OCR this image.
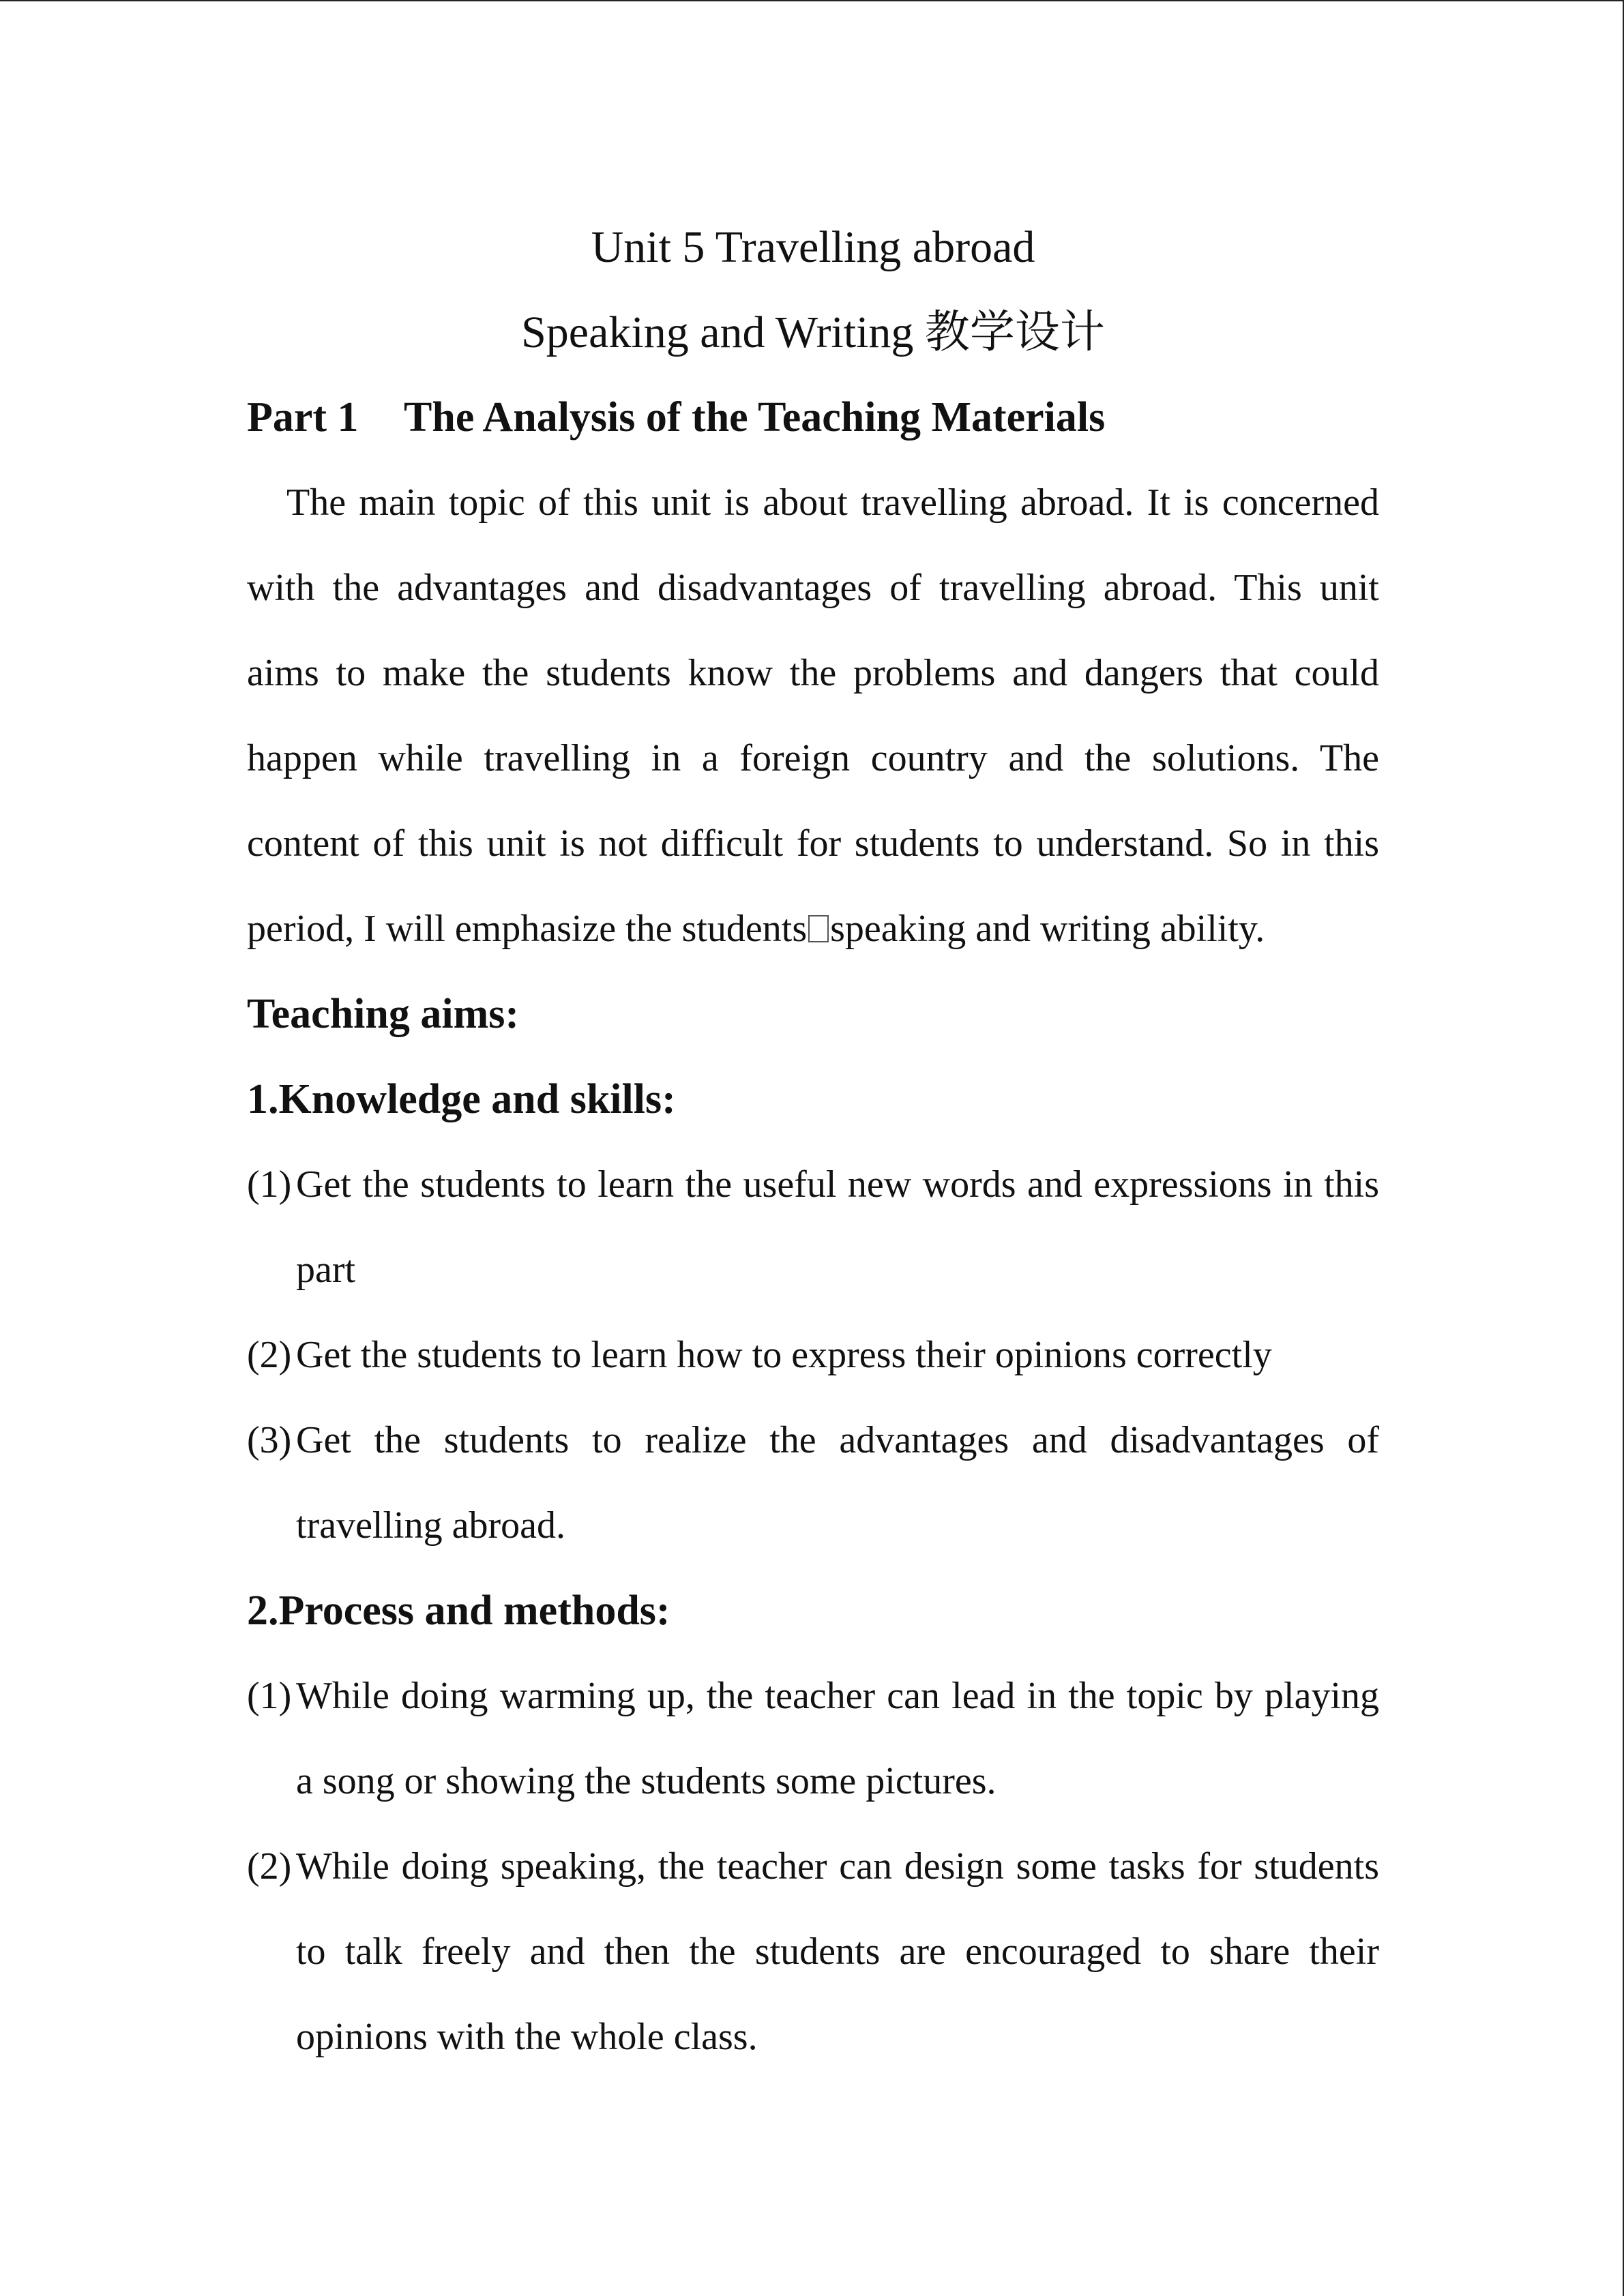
Unit 5 Travelling abroad
Speaking and Writing 教学设计
Part 1 The Analysis of the Teaching Materials

The main topic of this unit is about travelling abroad. It is concerned with the advantages and disadvantages of travelling abroad. This unit aims to make the students know the problems and dangers that could happen while travelling in a foreign country and the solutions. The content of this unit is not difficult for students to understand. So in this period, I will emphasize the students speaking and writing ability.

Teaching aims:
1.Knowledge and skills:
(1) Get the students to learn the useful new words and expressions in this part
(2) Get the students to learn how to express their opinions correctly
(3) Get the students to realize the advantages and disadvantages of travelling abroad.
2.Process and methods:
(1) While doing warming up, the teacher can lead in the topic by playing a song or showing the students some pictures.
(2) While doing speaking, the teacher can design some tasks for students to talk freely and then the students are encouraged to share their opinions with the whole class.
